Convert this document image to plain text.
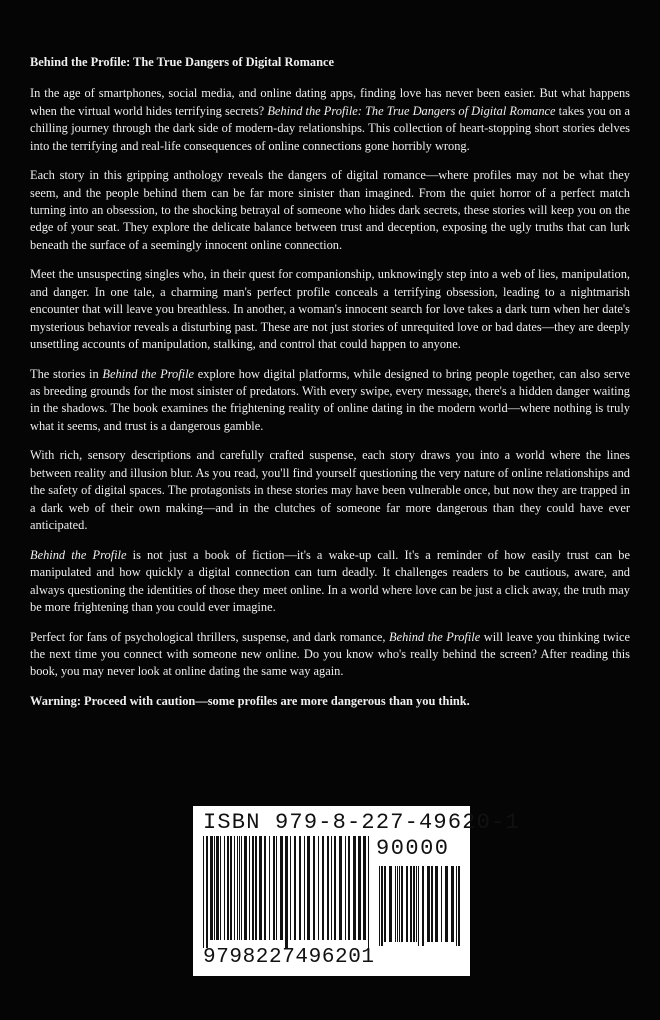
Behind the Profile: The True Dangers of Digital Romance

In the age of smartphones, social media, and online dating apps, finding love has never been easier. But what happens when the virtual world hides terrifying secrets? Behind the Profile: The True Dangers of Digital Romance takes you on a chilling journey through the dark side of modern-day relationships. This collection of heart-stopping short stories delves into the terrifying and real-life consequences of online connections gone horribly wrong.

Each story in this gripping anthology reveals the dangers of digital romance—where profiles may not be what they seem, and the people behind them can be far more sinister than imagined. From the quiet horror of a perfect match turning into an obsession, to the shocking betrayal of someone who hides dark secrets, these stories will keep you on the edge of your seat. They explore the delicate balance between trust and deception, exposing the ugly truths that can lurk beneath the surface of a seemingly innocent online connection.

Meet the unsuspecting singles who, in their quest for companionship, unknowingly step into a web of lies, manipulation, and danger. In one tale, a charming man's perfect profile conceals a terrifying obsession, leading to a nightmarish encounter that will leave you breathless. In another, a woman's innocent search for love takes a dark turn when her date's mysterious behavior reveals a disturbing past. These are not just stories of unrequited love or bad dates—they are deeply unsettling accounts of manipulation, stalking, and control that could happen to anyone.

The stories in Behind the Profile explore how digital platforms, while designed to bring people together, can also serve as breeding grounds for the most sinister of predators. With every swipe, every message, there's a hidden danger waiting in the shadows. The book examines the frightening reality of online dating in the modern world—where nothing is truly what it seems, and trust is a dangerous gamble.

With rich, sensory descriptions and carefully crafted suspense, each story draws you into a world where the lines between reality and illusion blur. As you read, you'll find yourself questioning the very nature of online relationships and the safety of digital spaces. The protagonists in these stories may have been vulnerable once, but now they are trapped in a dark web of their own making—and in the clutches of someone far more dangerous than they could have ever anticipated.

Behind the Profile is not just a book of fiction—it's a wake-up call. It's a reminder of how easily trust can be manipulated and how quickly a digital connection can turn deadly. It challenges readers to be cautious, aware, and always questioning the identities of those they meet online. In a world where love can be just a click away, the truth may be more frightening than you could ever imagine.

Perfect for fans of psychological thrillers, suspense, and dark romance, Behind the Profile will leave you thinking twice the next time you connect with someone new online. Do you know who's really behind the screen? After reading this book, you may never look at online dating the same way again.

Warning: Proceed with caution—some profiles are more dangerous than you think.

ISBN 979-8-227-49620-1
90000
9798227496201
